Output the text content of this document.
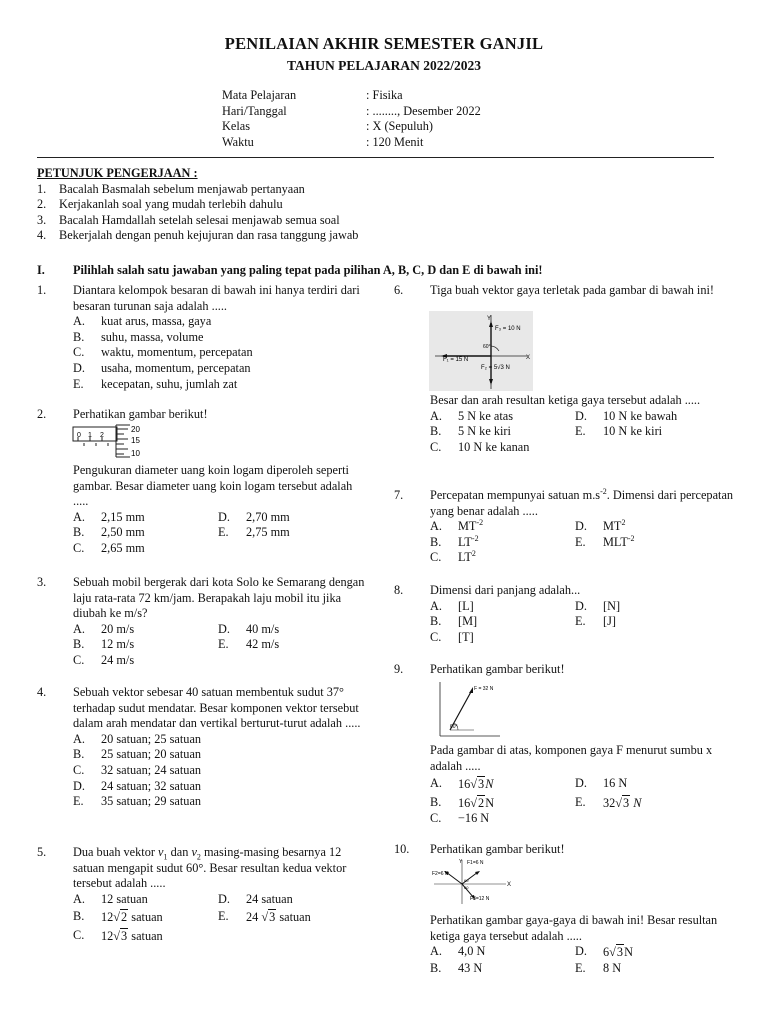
PENILAIAN AKHIR SEMESTER GANJIL
TAHUN PELAJARAN 2022/2023
Mata Pelajaran	: Fisika
Hari/Tanggal	: ........, Desember 2022
Kelas	: X (Sepuluh)
Waktu	: 120 Menit
PETUNJUK PENGERJAAN :
1.	Bacalah Basmalah sebelum menjawab pertanyaan
2.	Kerjakanlah soal yang mudah terlebih dahulu
3.	Bacalah Hamdallah setelah selesai menjawab semua soal
4.	Bekerjalah dengan penuh kejujuran dan rasa tanggung jawab
I.	Pilihlah salah satu jawaban yang paling tepat pada pilihan A, B, C, D dan E di bawah ini!
1.	Diantara kelompok besaran di bawah ini hanya terdiri dari besaran turunan saja adalah .....
A.	kuat arus, massa, gaya
B.	suhu, massa, volume
C.	waktu, momentum, percepatan
D.	usaha, momentum, percepatan
E.	kecepatan, suhu, jumlah zat
2.	Perhatikan gambar berikut!
0 1 2
20
15
10
Pengukuran diameter uang koin logam diperoleh seperti gambar. Besar diameter uang koin logam tersebut adalah .....
A.	2,15 mm	D.	2,70 mm
B.	2,50 mm	E.	2,75 mm
C.	2,65 mm
3.	Sebuah mobil bergerak dari kota Solo ke Semarang dengan laju rata-rata 72 km/jam. Berapakah laju mobil itu jika diubah ke m/s?
A.	20 m/s	D.	40 m/s
B.	12 m/s	E.	42 m/s
C.	24 m/s
4.	Sebuah vektor sebesar 40 satuan membentuk sudut 37° terhadap sudut mendatar. Besar komponen vektor tersebut dalam arah mendatar dan vertikal berturut-turut adalah .....
A.	20 satuan; 25 satuan
B.	25 satuan; 20 satuan
C.	32 satuan; 24 satuan
D.	24 satuan; 32 satuan
E.	35 satuan; 29 satuan
5.	Dua buah vektor $v_1$ dan $v_2$ masing-masing besarnya 12 satuan mengapit sudut 60°. Besar resultan kedua vektor tersebut adalah .....
A.	12 satuan	D.	24 satuan
B.	12√2 satuan	E.	24 √3 satuan
C.	12√3 satuan
6.	Tiga buah vektor gaya terletak pada gambar di bawah ini!
Y
X
F₃ = 10 N
F₁ = 15 N
F₂ = 5√3 N
60°
Besar dan arah resultan ketiga gaya tersebut adalah .....
A.	5 N ke atas	D.	10 N ke bawah
B.	5 N ke kiri	E.	10 N ke kiri
C.	10 N ke kanan
7.	Percepatan mempunyai satuan $m.s^{-2}$. Dimensi dari percepatan yang benar adalah .....
A.	$MT^{-2}$	D.	$MT^2$
B.	$LT^{-2}$	E.	$MLT^{-2}$
C.	$LT^2$
8.	Dimensi dari panjang adalah...
A.	[L]	D.	[N]
B.	[M]	E.	[J]
C.	[T]
9.	Perhatikan gambar berikut!
F = 32 N
60°
Pada gambar di atas, komponen gaya F menurut sumbu x adalah .....
A.	16√3N	D.	16 N
B.	16√2N	E.	32√3 N
C.	−16 N
10.	Perhatikan gambar berikut!
Y
X
F1=6 N
F2=6 N
F3=12 N
60
60
Perhatikan gambar gaya-gaya di bawah ini! Besar resultan ketiga gaya tersebut adalah .....
A.	4,0 N	D.	6√3N
B.	43 N	E.	8 N
